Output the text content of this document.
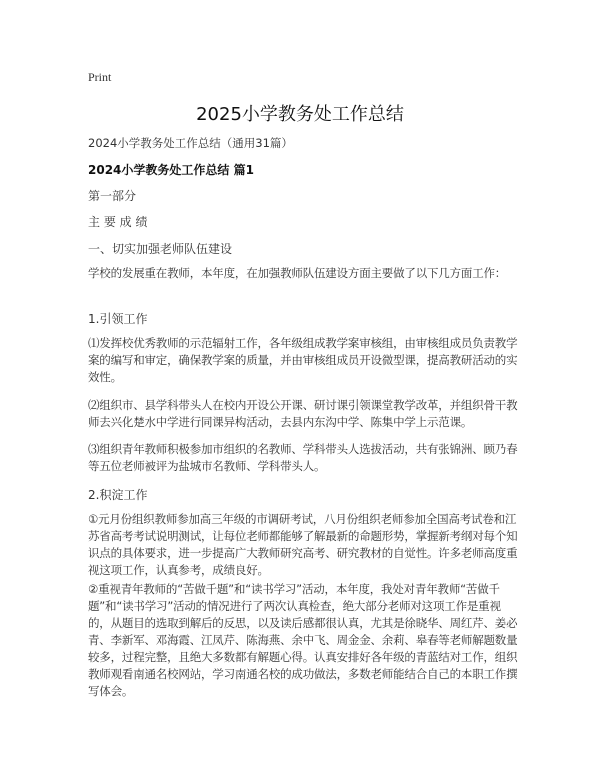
Print
2025小学教务处工作总结
2024小学教务处工作总结（通用31篇）
2024小学教务处工作总结 篇1
第一部分
主 要 成 绩
一、切实加强老师队伍建设
学校的发展重在教师，本年度，在加强教师队伍建设方面主要做了以下几方面工作：
1.引领工作
⑴发挥校优秀教师的示范辐射工作，各年级组成教学案审核组，由审核组成员负责教学案的编写和审定，确保教学案的质量，并由审核组成员开设微型课，提高教研活动的实效性。
⑵组织市、县学科带头人在校内开设公开课、研讨课引领课堂教学改革，并组织骨干教师去兴化楚水中学进行同课异构活动，去县内东沟中学、陈集中学上示范课。
⑶组织青年教师积极参加市组织的名教师、学科带头人选拔活动，共有张锦洲、顾乃春等五位老师被评为盐城市名教师、学科带头人。
2.积淀工作
①元月份组织教师参加高三年级的市调研考试，八月份组织老师参加全国高考试卷和江苏省高考考试说明测试，让每位老师都能够了解最新的命题形势，掌握新考纲对每个知识点的具体要求，进一步提高广大教师研究高考、研究教材的自觉性。许多老师高度重视这项工作，认真参考，成绩良好。
②重视青年教师的“苦做千题”和“读书学习”活动，本年度，我处对青年教师“苦做千题”和“读书学习”活动的情况进行了两次认真检查，绝大部分老师对这项工作是重视的，从题目的选取到解后的反思，以及读后感都很认真，尤其是徐晓华、周红芹、姜必青、李新军、邓海霞、江凤芹、陈海燕、余中飞、周金金、余莉、皋春等老师解题数量较多，过程完整，且绝大多数都有解题心得。认真安排好各年级的青蓝结对工作，组织教师观看南通名校网站，学习南通名校的成功做法，多数老师能结合自己的本职工作撰写体会。
